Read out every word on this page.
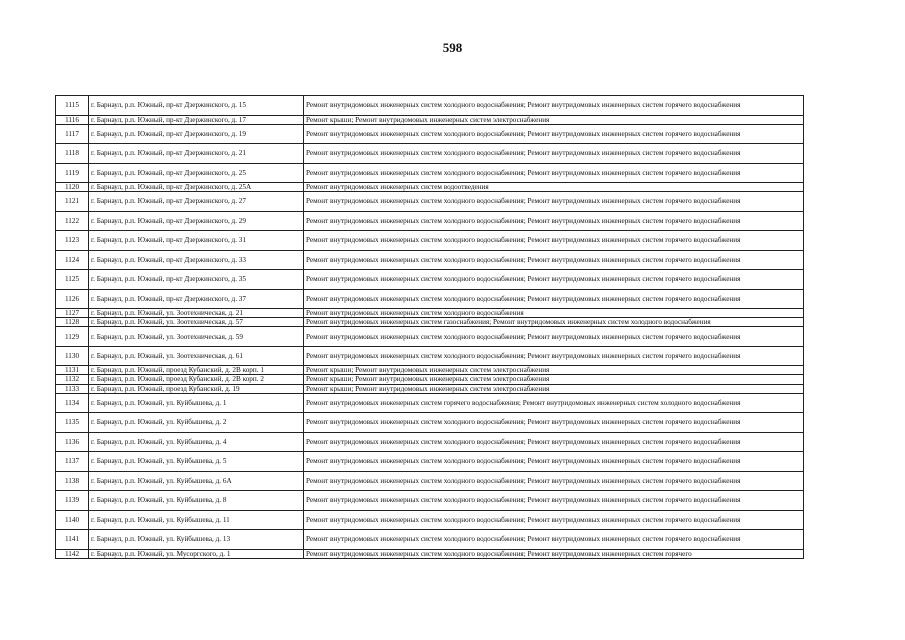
598
1115	г. Барнаул, р.п. Южный, пр-кт Дзержинского, д. 15	Ремонт внутридомовых инженерных систем холодного водоснабжения; Ремонт внутридомовых инженерных систем горячего водоснабжения
1116	г. Барнаул, р.п. Южный, пр-кт Дзержинского, д. 17	Ремонт крыши; Ремонт внутридомовых инженерных систем электроснабжения
1117	г. Барнаул, р.п. Южный, пр-кт Дзержинского, д. 19	Ремонт внутридомовых инженерных систем холодного водоснабжения; Ремонт внутридомовых инженерных систем горячего водоснабжения
1118	г. Барнаул, р.п. Южный, пр-кт Дзержинского, д. 21	Ремонт внутридомовых инженерных систем холодного водоснабжения; Ремонт внутридомовых инженерных систем горячего водоснабжения
1119	г. Барнаул, р.п. Южный, пр-кт Дзержинского, д. 25	Ремонт внутридомовых инженерных систем холодного водоснабжения; Ремонт внутридомовых инженерных систем горячего водоснабжения
1120	г. Барнаул, р.п. Южный, пр-кт Дзержинского, д. 25А	Ремонт внутридомовых инженерных систем водоотведения
1121	г. Барнаул, р.п. Южный, пр-кт Дзержинского, д. 27	Ремонт внутридомовых инженерных систем холодного водоснабжения; Ремонт внутридомовых инженерных систем горячего водоснабжения
1122	г. Барнаул, р.п. Южный, пр-кт Дзержинского, д. 29	Ремонт внутридомовых инженерных систем холодного водоснабжения; Ремонт внутридомовых инженерных систем горячего водоснабжения
1123	г. Барнаул, р.п. Южный, пр-кт Дзержинского, д. 31	Ремонт внутридомовых инженерных систем холодного водоснабжения; Ремонт внутридомовых инженерных систем горячего водоснабжения
1124	г. Барнаул, р.п. Южный, пр-кт Дзержинского, д. 33	Ремонт внутридомовых инженерных систем холодного водоснабжения; Ремонт внутридомовых инженерных систем горячего водоснабжения
1125	г. Барнаул, р.п. Южный, пр-кт Дзержинского, д. 35	Ремонт внутридомовых инженерных систем холодного водоснабжения; Ремонт внутридомовых инженерных систем горячего водоснабжения
1126	г. Барнаул, р.п. Южный, пр-кт Дзержинского, д. 37	Ремонт внутридомовых инженерных систем холодного водоснабжения; Ремонт внутридомовых инженерных систем горячего водоснабжения
1127	г. Барнаул, р.п. Южный, ул. Зоотехническая, д. 21	Ремонт внутридомовых инженерных систем холодного водоснабжения
1128	г. Барнаул, р.п. Южный, ул. Зоотехническая, д. 57	Ремонт внутридомовых инженерных систем газоснабжения; Ремонт внутридомовых инженерных систем холодного водоснабжения
1129	г. Барнаул, р.п. Южный, ул. Зоотехническая, д. 59	Ремонт внутридомовых инженерных систем холодного водоснабжения; Ремонт внутридомовых инженерных систем горячего водоснабжения
1130	г. Барнаул, р.п. Южный, ул. Зоотехническая, д. 61	Ремонт внутридомовых инженерных систем холодного водоснабжения; Ремонт внутридомовых инженерных систем горячего водоснабжения
1131	г. Барнаул, р.п. Южный, проезд Кубанский, д. 2В корп. 1	Ремонт крыши; Ремонт внутридомовых инженерных систем электроснабжения
1132	г. Барнаул, р.п. Южный, проезд Кубанский, д. 2В корп. 2	Ремонт крыши; Ремонт внутридомовых инженерных систем электроснабжения
1133	г. Барнаул, р.п. Южный, проезд Кубанский, д. 19	Ремонт крыши; Ремонт внутридомовых инженерных систем электроснабжения
1134	г. Барнаул, р.п. Южный, ул. Куйбышева, д. 1	Ремонт внутридомовых инженерных систем горячего водоснабжения; Ремонт внутридомовых инженерных систем холодного водоснабжения
1135	г. Барнаул, р.п. Южный, ул. Куйбышева, д. 2	Ремонт внутридомовых инженерных систем холодного водоснабжения; Ремонт внутридомовых инженерных систем горячего водоснабжения
1136	г. Барнаул, р.п. Южный, ул. Куйбышева, д. 4	Ремонт внутридомовых инженерных систем холодного водоснабжения; Ремонт внутридомовых инженерных систем горячего водоснабжения
1137	г. Барнаул, р.п. Южный, ул. Куйбышева, д. 5	Ремонт внутридомовых инженерных систем холодного водоснабжения; Ремонт внутридомовых инженерных систем горячего водоснабжения
1138	г. Барнаул, р.п. Южный, ул. Куйбышева, д. 6А	Ремонт внутридомовых инженерных систем холодного водоснабжения; Ремонт внутридомовых инженерных систем горячего водоснабжения
1139	г. Барнаул, р.п. Южный, ул. Куйбышева, д. 8	Ремонт внутридомовых инженерных систем холодного водоснабжения; Ремонт внутридомовых инженерных систем горячего водоснабжения
1140	г. Барнаул, р.п. Южный, ул. Куйбышева, д. 11	Ремонт внутридомовых инженерных систем холодного водоснабжения; Ремонт внутридомовых инженерных систем горячего водоснабжения
1141	г. Барнаул, р.п. Южный, ул. Куйбышева, д. 13	Ремонт внутридомовых инженерных систем холодного водоснабжения; Ремонт внутридомовых инженерных систем горячего водоснабжения
1142	г. Барнаул, р.п. Южный, ул. Мусоргского, д. 1	Ремонт внутридомовых инженерных систем холодного водоснабжения; Ремонт внутридомовых инженерных систем горячего
